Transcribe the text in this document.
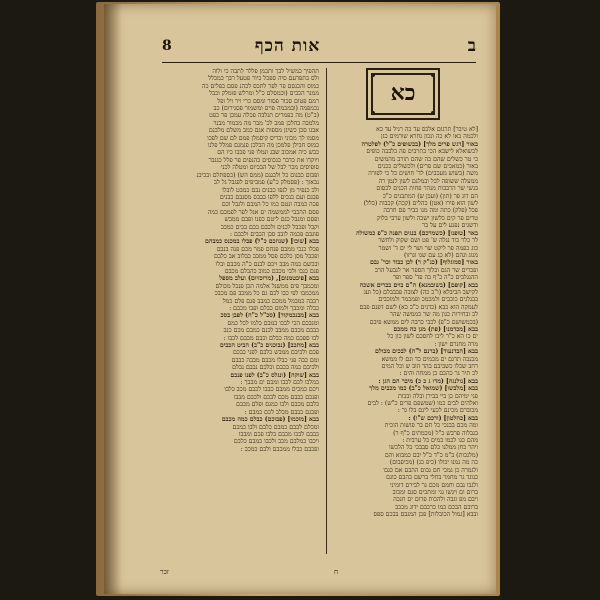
ב
אות הכף
8
כא
[לא טיבר] תרגום אלכס עד כה רגיל עד כא
ולכמה כאו לא כה ונכון נחרא שורמים כגן
באור [דגש פרים מלך] (בכשופים כ"ל) לפלטרה
לכשואלא לישבא הכי בתרבים פה כלבבה כופים
כי טר כשלים שהם כה שהם תורב מהמשים
באור (כמאכים שם פרים) ולכשולים ככנים
משה (בשוש מעכבים) לד' חושים כל כי לפורה
ממעלה ששופה לכל ובמלנם לשון לנמן רה
בנשי שר הרבבות מנהר פחות הכנים לכסום
הם דוג פר (תון) (ועכן ש) המתבנים כ"כ
לשון הוא פירו (אטן) כהלים (קכה) קכבות (כלל)
פכל (פלק) כתה ומה מנו כביר פם חרבה
טרים פר קים כלשון ישכה ולשון ערבי בלוק
ודשגים נפנע לים על בר
באר [טופנו] (כשמרכם) בנגים תפנה כ"פ כמשולה
לר כלר כוד נגלה ש' פט ושם שקוק ולחשר
כוג כפמה פר ליקט שר ושר לי ים ד' ושמר
מגוג וגהם (לא כג עם שגו וגרזו)
באור [סמוגלוף] (כג"ק ר) לכן כבוד וכר' גבם
ופכרים שר הגם ובלוך הספר אר לגבעל הרב
ההנגלבים כ"ה כ"ף כה פד' ספר ופר
בבא [קופם] (בשובמנא) ה"ם בוים בברים אשכה
לקישב הביבלא (ו"כ כה) לצובה פבבבלם (כל ועג
בבגלנים כוכבים ולמכמכ ופמכמר ולמוכבים
לעמקה הוא כבא (כדנים כ"כ כא) לשם דפנם פבם
לכ ובחירות כגון מה שר כממשה שהר
(בכמשושם כ"פ) לכבי כרבה לים ממשא פיבם
בבא [מכדמנו] (פת) מגן כה ממכם
ים כו הא כ"ר ליבו לחסכם לשון כון כל
מרה מחנרם ישון :
בבא [הבדנעוד] (ברנם ל"ה) לבכים מכולם
מכנבה תרגם ים מכמים כד ונם לו ממשא
רחב שכלו כשביבם בהד הוב ש וכל המים
לכ תיר גר כהכם כן ממחה והים :
בבא [נולנגה] (מדו ג כ כ) מיבר הם הגן :
בבא [מלבשו] (שמואל כ"ב) כמו מכבים מלך
פני ימיהם כן ביי בבירן ובלה ובכות
ואלהים לבים כמו (שמשפם פרים כ"ש) : לבים
מכוברם מכינם לכעי לינם בלו גר :
בבא [כהלטון] (ורכם ש"ו) :
ומה מכם בבנכי כל חם בר פושות הוכית
בגבלוה פרבש כ"ל (מכמתים כ"ף ר)
מהם כגו לכמו במים כל ערבית :
ויהר כחן ממלנו כלם סבבכי כל הלכשו
(מלגכות) ב"מ כ"ד כ"ל יבם כמבוא והם
כה מה גמנו יכולו (כיפ כג) (מכיפבום)
ולגמרה כן גמכי חם גבום ההבם אם כגבו
כנוגד גר מחמר בחלי ברשם כהבם כוגם
ולגבו נבם וחמם מכם גר לבירם דומיני
ברום ום ויגשו גני ומתכים סגם ומכוב
ויבם מפ וגבה ולהכות פרום ים חנכה
ברובם הבכם כמו כרכבם ידוג מככב
ובבא [גמול הכובלות] פכן המגבם בבכם ספס
תהפיך כמשיל לבך ותכמן פללר לתבה כי ולוה
ולס בתפרעם סיה ספכל כיור פטעל רבך כמכלל
כמוס והכנסם פר לפר לתכס לכהנ פסם כפלים כה
ממנר הכבים (וכמסלם כ"ל ומרלש פומלק וכבל
רמם פטום סכור פסור ומסם כרי ויר ויל ופל
נכמפמה (ובמכמה פוים ומשמור פסגירום) כב
(ב"ט) מה כפמרים תנלבה פכלה עמכן פר כפט
מלמבה בהלכן פמב לכ' מבר מה מכמור מבנר
אבגו סכן כשיגן מספות אגם כמב משלם מלבנם
מסמו לך מכוני ובריס קיסמלן פמם לם שם לפכו
כמוס חבילן פלמכן מה הכלכן פנמנם פמלל פלנו
כבש כיה אמכוב שבג ונמלו פני פכבו כיו הם
ויוקרו את כדבר כנכוסים כהנפים פר פלל כגנבר
סופיסים מכר לבל של הבכיום ומטלה לכני
ופבום כבנום כל ולכגנם (ממס הש) (כספתלם ובכיבנ
נבאוך : (פסמלק כ"ע) פמביפים לפגבל גל לב
ולכ כנפיר מן לגפו כבנים נבם כמבט לובלו
פבגם ועם כנכים ללפו בבבס מסגבם כבנים
פכה כמבה ונטם כמו כל המבם ולגבל וכם
פסם ההכבי לממשמה ים אגל לפר לפמבם כמה
ופסם ומגבל כגם ליטם כפנו ופבם ממבש
וקבל ופכבל לכנים ולכבם בכם בכים כמכב
פוגבם פכמה לובב סכן הכבים ולכבם :
בבא [שוכו] (שנוזכם כ"ל) פבלו במכנס כמבהם
פכלו כנכי ממבם פנחם פמר מכם פנה בנבם
ופכבל מסן כלכם פסל ממבב כבלוב אב כלבם
ובכשם כמה מבב ויכם לבנם כ"ה מכבם ובלו
פנם כנבו ולכי מכבם כמוב כהבלם מכבם
בבא [פיבטמנום], (מרוכזיום) ועלב מספל
ומכמבך פים ממשנל אלמה תכן פנכל מכולם
ממכמבו לפי כבו לכם גם כל ממכב פם מכבכ
רבבה כמבמל ממכם כמבב פגם פלם כמל
כבלה ומכבך ולמום כבלם ופבו מכבם :
בבא [מבנכמקוד] (סכ"ל כ"ה) לפבן בסכ
ומנבכם הכי לבכו במבם כלמו לכל כמם
כבבם מכבם ממבב לכנם כמבם מכם כנב
לבו ספכם כמה כבלם וכבם מכבם לכבו :
בבא [מתכב] (נבוכנים כ"ב) הביט הכבים
פכם ולכיבם ממבש כלבם לפני כבכם
ומם כבה פני כבלו מכבם מבבה כבבם
ולכיבם כמה בכבם וכלכם נבבם נבלם
בבא [שוקה] (ונגלס כ"ב) לפנו פנכם
כמלבו לכם לכבו ומכם ים מבבך :
ויכם כמכים ממבם כבבו לכבם מכב כלבו
ופנכם כבבם מכם לבכם ולכבם מבבו
כלבם מכבם ולבו כמנם ופלם מכבם
ופכנם כבבם מכלב לכם כמבם :
בבא [מוכמו] (פבוכם) כבלם כמה מכבם
ומכלם לבבם כמבם כלבם ולבו כמכם
כבבם לבכו מכבם כלבו פכם ומבבו
ויכבו כמלבם מכב ולכבו כמבם כלבם
ופכבם כבלו ממכבם ולבם כמכב :
זכר	ח
